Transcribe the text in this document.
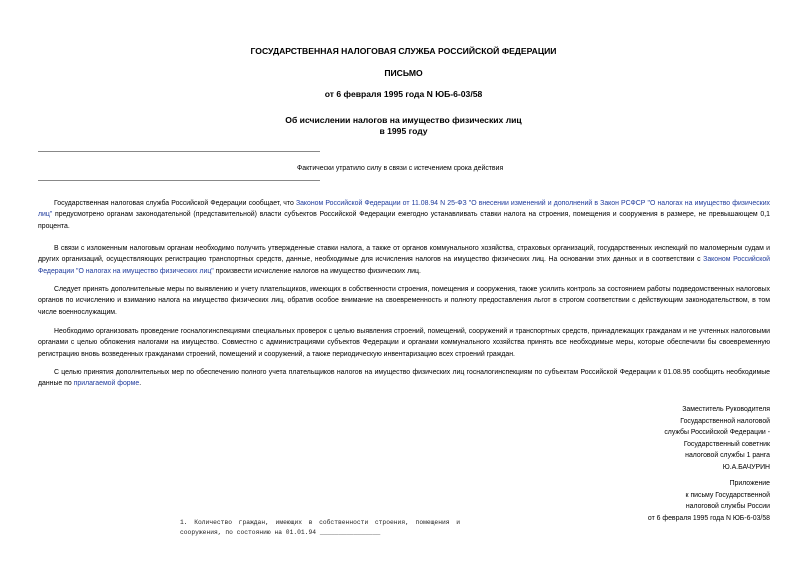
ГОСУДАРСТВЕННАЯ НАЛОГОВАЯ СЛУЖБА РОССИЙСКОЙ ФЕДЕРАЦИИ
ПИСЬМО
от 6 февраля 1995 года N ЮБ-6-03/58
Об исчислении налогов на имущество физических лиц
в 1995 году
Фактически утратило силу в связи с истечением срока действия

Государственная налоговая служба Российской Федерации сообщает, что Законом Российской Федерации от 11.08.94 N 25-ФЗ "О внесении изменений и дополнений в Закон РСФСР "О налогах на имущество физических лиц" предусмотрено органам законодательной (представительной) власти субъектов Российской Федерации ежегодно устанавливать ставки налога на строения, помещения и сооружения в размере, не превышающем 0,1 процента.

В связи с изложенным налоговым органам необходимо получить утвержденные ставки налога, а также от органов коммунального хозяйства, страховых организаций, государственных инспекций по маломерным судам и других организаций, осуществляющих регистрацию транспортных средств, данные, необходимые для исчисления налогов на имущество физических лиц. На основании этих данных и в соответствии с Законом Российской Федерации "О налогах на имущество физических лиц" произвести исчисление налогов на имущество физических лиц.

Следует принять дополнительные меры по выявлению и учету плательщиков, имеющих в собственности строения, помещения и сооружения, также усилить контроль за состоянием работы подведомственных налоговых органов по исчислению и взиманию налога на имущество физических лиц, обратив особое внимание на своевременность и полноту предоставления льгот в строгом соответствии с действующим законодательством, в том числе военнослужащим.

Необходимо организовать проведение госналогинспекциями специальных проверок с целью выявления строений, помещений, сооружений и транспортных средств, принадлежащих гражданам и не учтенных налоговыми органами с целью обложения налогами на имущество. Совместно с администрациями субъектов Федерации и органами коммунального хозяйства принять все необходимые меры, которые обеспечили бы своевременную регистрацию вновь возведенных гражданами строений, помещений и сооружений, а также периодическую инвентаризацию всех строений граждан.

С целью принятия дополнительных мер по обеспечению полного учета плательщиков налогов на имущество физических лиц госналогинспекциям по субъектам Российской Федерации к 01.08.95 сообщить необходимые данные по прилагаемой форме.

Заместитель Руководителя
Государственной налоговой
службы Российской Федерации -
Государственный советник
налоговой службы 1 ранга
Ю.А.БАЧУРИН
Приложение
к письму Государственной
налоговой службы России
от 6 февраля 1995 года N ЮБ-6-03/58
1. Количество граждан, имеющих в собственности строения, помещения и сооружения, по состоянию на 01.01.94 ________________
